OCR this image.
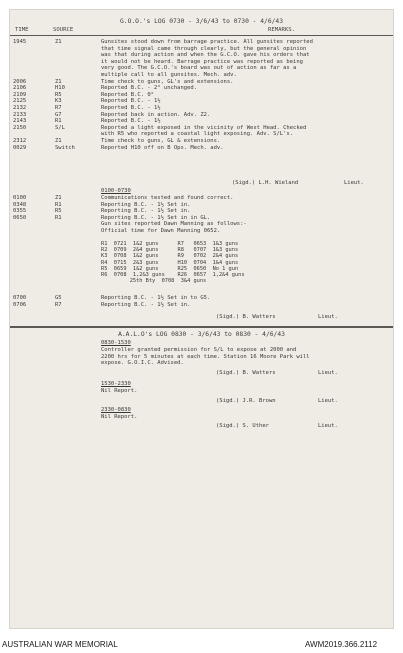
G.O.O.'s LOG 0730 - 3/6/43 to 0730 - 4/6/43
TIME	SOURCE	REMARKS.
1945	Z1	Gunsites stood down from barrage practice. All gunsites reported
that time signal came through clearly, but the general opinion
was that during action and when the G.C.O. gave his orders that
it would not be heard. Barrage practice was reported as being
very good. The G.C.O.'s board was out of action as far as a
multiple call to all gunsites. Mech. adv.
2006	Z1	Time check to guns, GL's and extensions.
2106	H10	Reported B.C. - 2° unchanged.
2109	R5	Reported B.C. 0°
2125	K3	Reported B.C. - 1½
2132	R7	Reported B.C. - 1½
2133	G7	Reported back in action. Adv. Z2.
2143	R1	Reported B.C. - 1½
2150	S/L	Reported a light exposed in the vicinity of West Head. Checked
with R5 who reported a coastal light exposing. Adv. S/L's.
2312	Z1	Time check to guns, GL & extensions.
0029	Switch	Reported H10 off on B Ops. Mech. adv.
(Sigd.) L.H. Wieland	Lieut.
0100-0730
0100	Z1	Communications tested and found correct.
0348	R1	Reporting B.C. - 1½ Set in.
0355	R5	Reporting B.C. - 1½ Set in.
0650	R1	Reporting B.C. - 1½ Set in in GL.
Gun sites reported Dawn Manning as follows:-
Official time for Dawn Manning 0652.
R1  0721  1&2 guns      R7   0653  1&3 guns
R2  0709  2&4 guns      R8   0707  1&3 guns
K3  0708  1&2 guns      R9   0702  2&4 guns
R4  0715  2&3 guns      H10  0704  1&4 guns
R5  0659  1&2 guns      R25  0650  No 1 gun
R6  0708  1,2&3 guns    R26  0657  1,2&4 guns
25th Bty  0708  3&4 guns
0700	G5	Reporting B.C. - 1½ Set in to G5.
0706	R7	Reporting B.C. - 1½ Set in.
(Sigd.) B. Watters	Lieut.
A.A.L.O's LOG 0830 - 3/6/43 to 0830 - 4/6/43
0830-1530
Controller granted permission for S/L to expose at 2000 and
2200 hrs for 5 minutes at each time. Station 16 Moore Park will
expose. G.O.I.C. Advised.
(Sigd.) B. Watters	Lieut.
1530-2330
Nil Report.
(Sigd.) J.R. Brown	Lieut.
2330-0830
Nil Report.
(Sigd.) S. Uther	Lieut.
AUSTRALIAN WAR MEMORIAL	AWM2019.366.2112
